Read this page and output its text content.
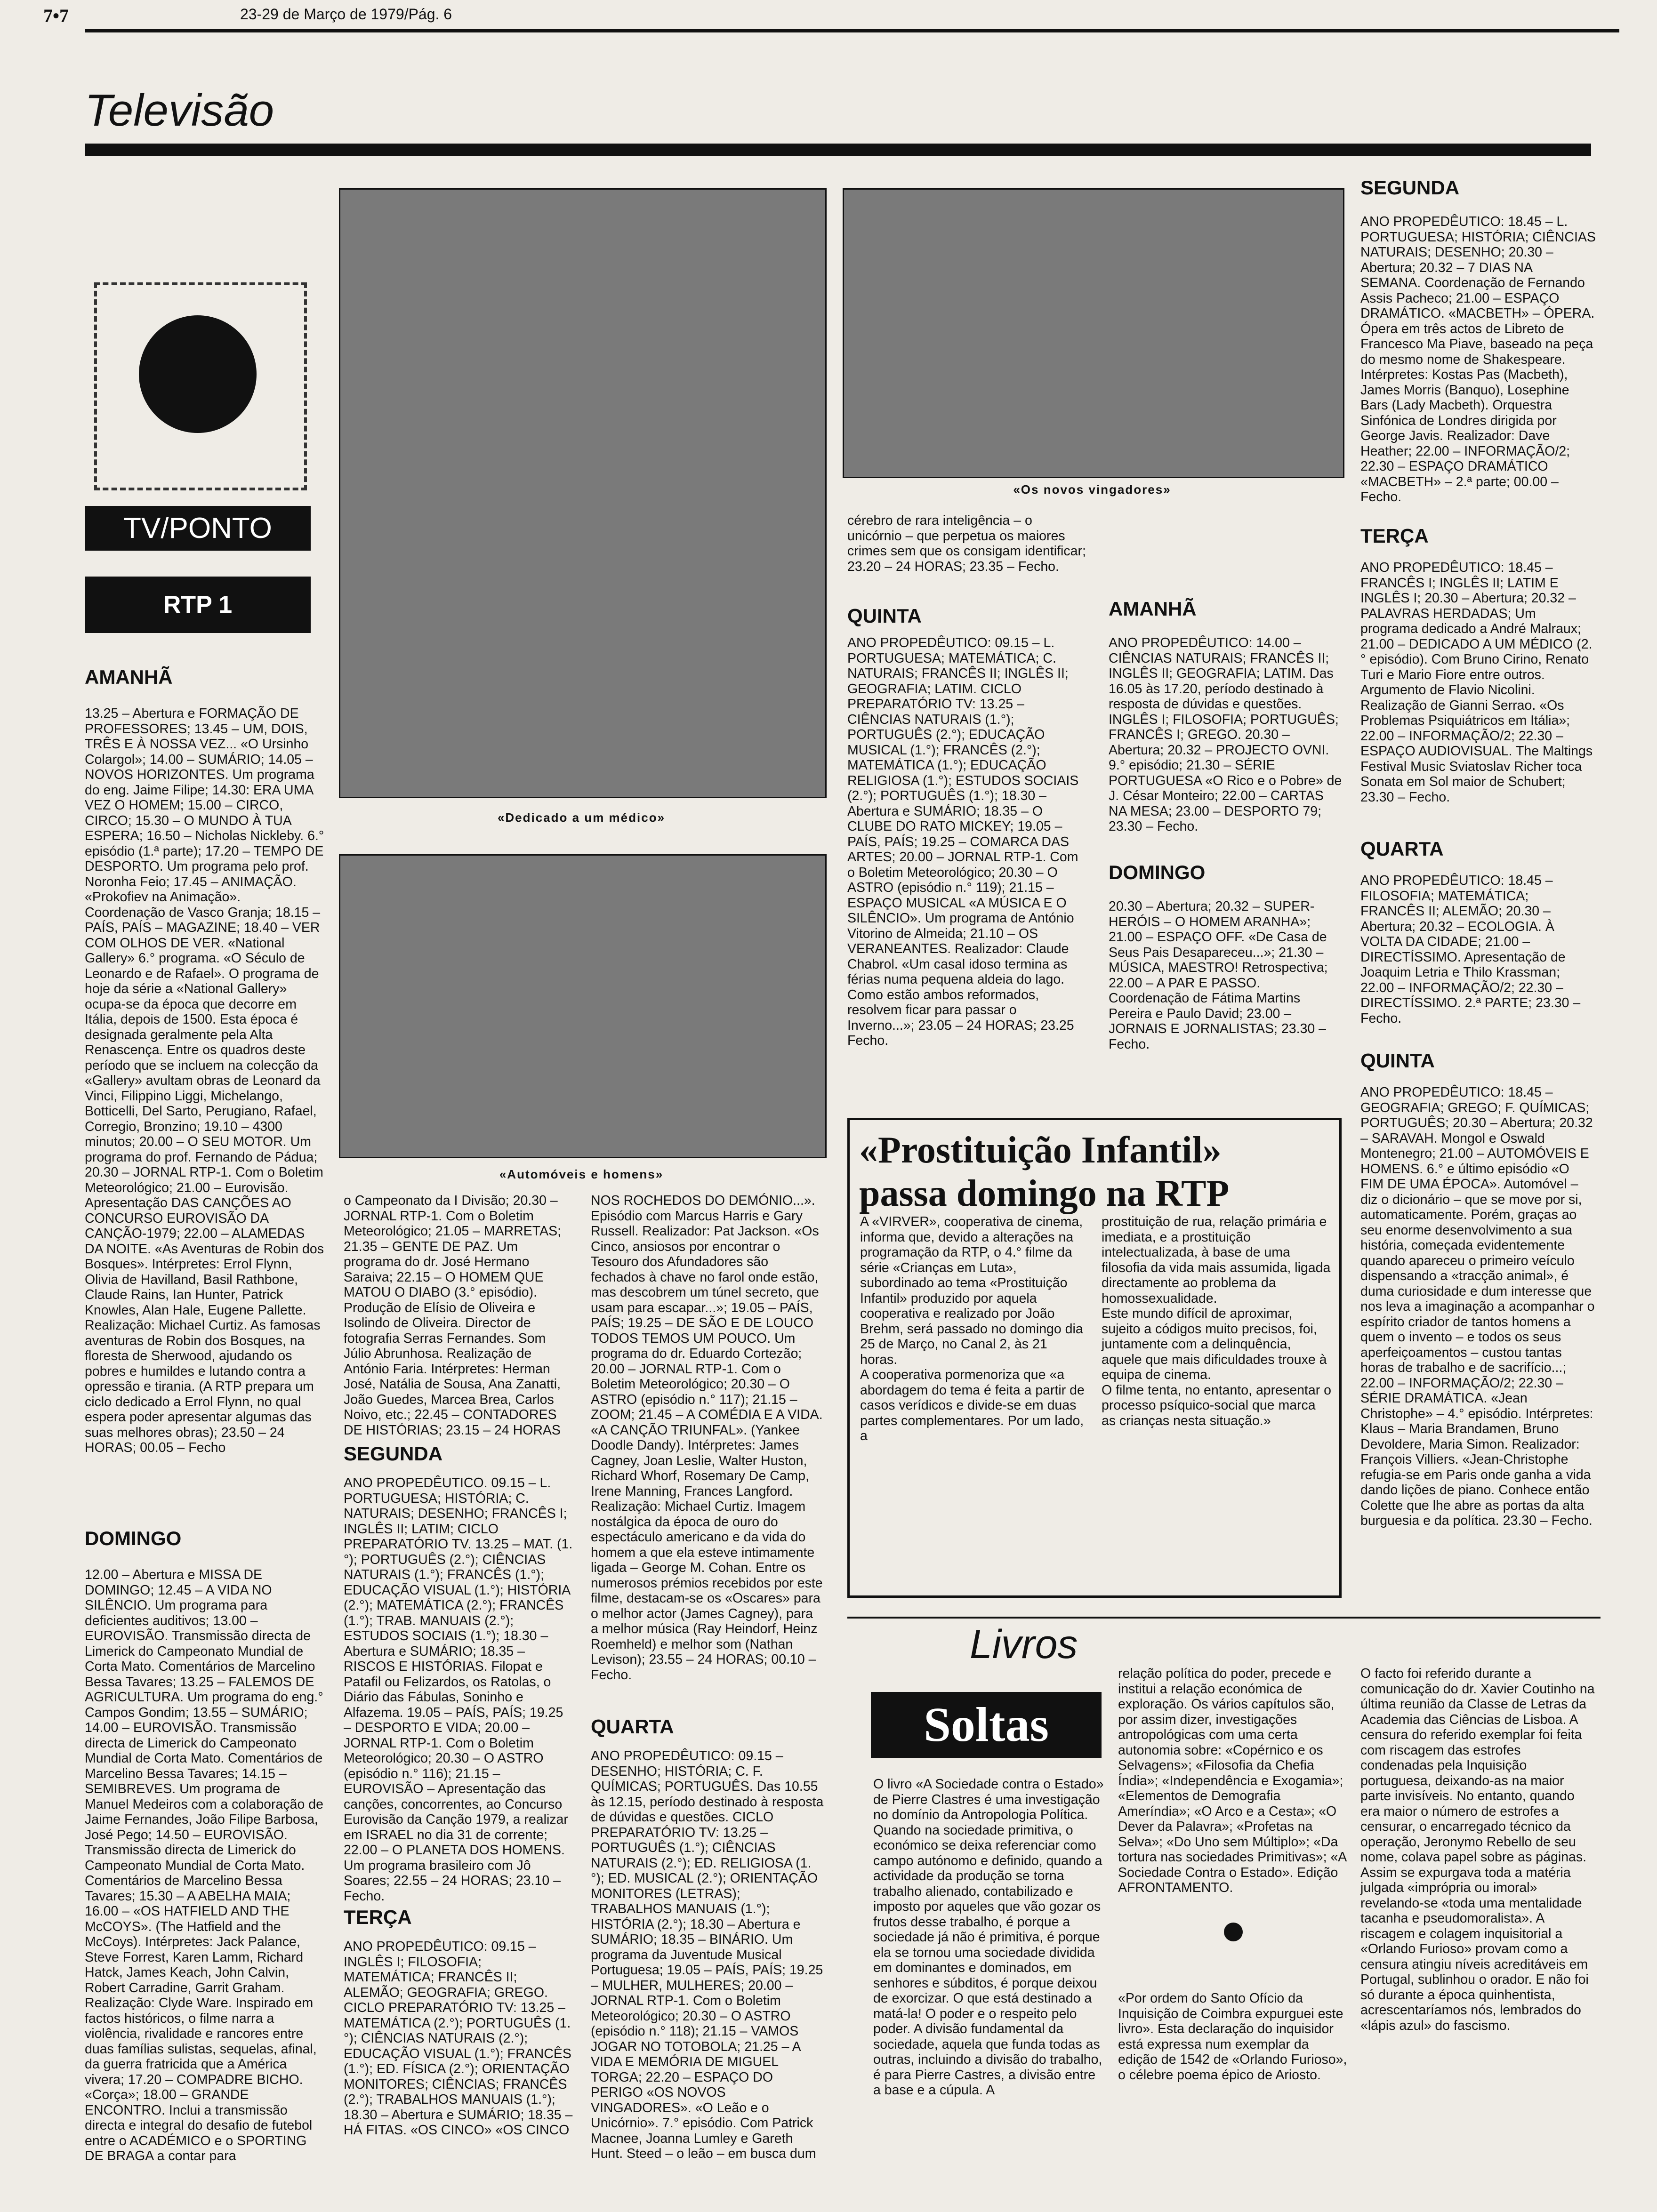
7•7	23-29 de Março de 1979/Pág. 6
Televisão
TV/PONTO
RTP 1
AMANHÃ

13.25 – Abertura e FORMAÇÃO DE PROFESSORES; 13.45 – UM, DOIS, TRÊS E À NOSSA VEZ... «O Ursinho Colargol»; 14.00 – SUMÁRIO; 14.05 – NOVOS HORIZONTES. Um programa do eng. Jaime Filipe; 14.30: ERA UMA VEZ O HOMEM; 15.00 – CIRCO, CIRCO; 15.30 – O MUNDO À TUA ESPERA; 16.50 – Nicholas Nickleby. 6.° episódio (1.ª parte); 17.20 – TEMPO DE DESPORTO. Um programa pelo prof. Noronha Feio; 17.45 – ANIMAÇÃO. «Prokofiev na Animação». Coordenação de Vasco Granja; 18.15 – PAÍS, PAÍS – MAGAZINE; 18.40 – VER COM OLHOS DE VER. «National Gallery» 6.° programa. «O Século de Leonardo e de Rafael». O programa de hoje da série a «National Gallery» ocupa-se da época que decorre em Itália, depois de 1500. Esta época é designada geralmente pela Alta Renascença. Entre os quadros deste período que se incluem na colecção da «Gallery» avultam obras de Leonard da Vinci, Filippino Liggi, Michelango, Botticelli, Del Sarto, Perugiano, Rafael, Corregio, Bronzino; 19.10 – 4300 minutos; 20.00 – O SEU MOTOR. Um programa do prof. Fernando de Pádua; 20.30 – JORNAL RTP-1. Com o Boletim Meteorológico; 21.00 – Eurovisão. Apresentação DAS CANÇÕES AO CONCURSO EUROVISÃO DA CANÇÃO-1979; 22.00 – ALAMEDAS DA NOITE. «As Aventuras de Robin dos Bosques». Intérpretes: Errol Flynn, Olivia de Havilland, Basil Rathbone, Claude Rains, Ian Hunter, Patrick Knowles, Alan Hale, Eugene Pallette. Realização: Michael Curtiz. As famosas aventuras de Robin dos Bosques, na floresta de Sherwood, ajudando os pobres e humildes e lutando contra a opressão e tirania. (A RTP prepara um ciclo dedicado a Errol Flynn, no qual espera poder apresentar algumas das suas melhores obras); 23.50 – 24 HORAS; 00.05 – Fecho

DOMINGO

12.00 – Abertura e MISSA DE DOMINGO; 12.45 – A VIDA NO SILÊNCIO. Um programa para deficientes auditivos; 13.00 – EUROVISÃO. Transmissão directa de Limerick do Campeonato Mundial de Corta Mato. Comentários de Marcelino Bessa Tavares; 13.25 – FALEMOS DE AGRICULTURA. Um programa do eng.° Campos Gondim; 13.55 – SUMÁRIO; 14.00 – EUROVISÃO. Transmissão directa de Limerick do Campeonato Mundial de Corta Mato. Comentários de Marcelino Bessa Tavares; 14.15 – SEMIBREVES. Um programa de Manuel Medeiros com a colaboração de Jaime Fernandes, João Filipe Barbosa, José Pego; 14.50 – EUROVISÃO. Transmissão directa de Limerick do Campeonato Mundial de Corta Mato. Comentários de Marcelino Bessa Tavares; 15.30 – A ABELHA MAIA; 16.00 – «OS HATFIELD AND THE McCOYS». (The Hatfield and the McCoys). Intérpretes: Jack Palance, Steve Forrest, Karen Lamm, Richard Hatck, James Keach, John Calvin, Robert Carradine, Garrit Graham. Realização: Clyde Ware. Inspirado em factos históricos, o filme narra a violência, rivalidade e rancores entre duas famílias sulistas, sequelas, afinal, da guerra fratricida que a América vivera; 17.20 – COMPADRE BICHO. «Corça»; 18.00 – GRANDE ENCONTRO. Inclui a transmissão directa e integral do desafio de futebol entre o ACADÉMICO e o SPORTING DE BRAGA a contar para

«Dedicado a um médico»
«Automóveis e homens»

o Campeonato da I Divisão; 20.30 – JORNAL RTP-1. Com o Boletim Meteorológico; 21.05 – MARRETAS; 21.35 – GENTE DE PAZ. Um programa do dr. José Hermano Saraiva; 22.15 – O HOMEM QUE MATOU O DIABO (3.° episódio). Produção de Elísio de Oliveira e Isolindo de Oliveira. Director de fotografia Serras Fernandes. Som Júlio Abrunhosa. Realização de António Faria. Intérpretes: Herman José, Natália de Sousa, Ana Zanatti, João Guedes, Marcea Brea, Carlos Noivo, etc.; 22.45 – CONTADORES DE HISTÓRIAS; 23.15 – 24 HORAS

SEGUNDA

ANO PROPEDÊUTICO. 09.15 – L. PORTUGUESA; HISTÓRIA; C. NATURAIS; DESENHO; FRANCÊS I; INGLÊS II; LATIM; CICLO PREPARATÓRIO TV. 13.25 – MAT. (1.°); PORTUGUÊS (2.°); CIÊNCIAS NATURAIS (1.°); FRANCÊS (1.°); EDUCAÇÃO VISUAL (1.°); HISTÓRIA (2.°); MATEMÁTICA (2.°); FRANCÊS (1.°); TRAB. MANUAIS (2.°); ESTUDOS SOCIAIS (1.°); 18.30 – Abertura e SUMÁRIO; 18.35 – RISCOS E HISTÓRIAS. Filopat e Patafil ou Felizardos, os Ratolas, o Diário das Fábulas, Soninho e Alfazema. 19.05 – PAÍS, PAÍS; 19.25 – DESPORTO E VIDA; 20.00 – JORNAL RTP-1. Com o Boletim Meteorológico; 20.30 – O ASTRO (episódio n.° 116); 21.15 – EUROVISÃO – Apresentação das canções, concorrentes, ao Concurso Eurovisão da Canção 1979, a realizar em ISRAEL no dia 31 de corrente; 22.00 – O PLANETA DOS HOMENS. Um programa brasileiro com Jô Soares; 22.55 – 24 HORAS; 23.10 – Fecho.

TERÇA

ANO PROPEDÊUTICO: 09.15 – INGLÊS I; FILOSOFIA; MATEMÁTICA; FRANCÊS II; ALEMÃO; GEOGRAFIA; GREGO. CICLO PREPARATÓRIO TV: 13.25 – MATEMÁTICA (2.°); PORTUGUÊS (1.°); CIÊNCIAS NATURAIS (2.°); EDUCAÇÃO VISUAL (1.°); FRANCÊS (1.°); ED. FÍSICA (2.°); ORIENTAÇÃO MONITORES; CIÊNCIAS; FRANCÊS (2.°); TRABALHOS MANUAIS (1.°); 18.30 – Abertura e SUMÁRIO; 18.35 – HÁ FITAS. «OS CINCO» «OS CINCO

NOS ROCHEDOS DO DEMÓNIO...». Episódio com Marcus Harris e Gary Russell. Realizador: Pat Jackson. «Os Cinco, ansiosos por encontrar o Tesouro dos Afundadores são fechados à chave no farol onde estão, mas descobrem um túnel secreto, que usam para escapar...»; 19.05 – PAÍS, PAÍS; 19.25 – DE SÃO E DE LOUCO TODOS TEMOS UM POUCO. Um programa do dr. Eduardo Cortezão; 20.00 – JORNAL RTP-1. Com o Boletim Meteorológico; 20.30 – O ASTRO (episódio n.° 117); 21.15 – ZOOM; 21.45 – A COMÉDIA E A VIDA. «A CANÇÃO TRIUNFAL». (Yankee Doodle Dandy). Intérpretes: James Cagney, Joan Leslie, Walter Huston, Richard Whorf, Rosemary De Camp, Irene Manning, Frances Langford. Realização: Michael Curtiz. Imagem nostálgica da época de ouro do espectáculo americano e da vida do homem a que ela esteve intimamente ligada – George M. Cohan. Entre os numerosos prémios recebidos por este filme, destacam-se os «Oscares» para o melhor actor (James Cagney), para a melhor música (Ray Heindorf, Heinz Roemheld) e melhor som (Nathan Levison); 23.55 – 24 HORAS; 00.10 – Fecho.

QUARTA

ANO PROPEDÊUTICO: 09.15 – DESENHO; HISTÓRIA; C. F. QUÍMICAS; PORTUGUÊS. Das 10.55 às 12.15, período destinado à resposta de dúvidas e questões. CICLO PREPARATÓRIO TV: 13.25 – PORTUGUÊS (1.°); CIÊNCIAS NATURAIS (2.°); ED. RELIGIOSA (1.°); ED. MUSICAL (2.°); ORIENTAÇÃO MONITORES (LETRAS); TRABALHOS MANUAIS (1.°); HISTÓRIA (2.°); 18.30 – Abertura e SUMÁRIO; 18.35 – BINÁRIO. Um programa da Juventude Musical Portuguesa; 19.05 – PAÍS, PAÍS; 19.25 – MULHER, MULHERES; 20.00 – JORNAL RTP-1. Com o Boletim Meteorológico; 20.30 – O ASTRO (episódio n.° 118); 21.15 – VAMOS JOGAR NO TOTOBOLA; 21.25 – A VIDA E MEMÓRIA DE MIGUEL TORGA; 22.20 – ESPAÇO DO PERIGO «OS NOVOS VINGADORES». «O Leão e o Unicórnio». 7.° episódio. Com Patrick Macnee, Joanna Lumley e Gareth Hunt. Steed – o leão – em busca dum

«Os novos vingadores»

cérebro de rara inteligência – o unicórnio – que perpetua os maiores crimes sem que os consigam identificar; 23.20 – 24 HORAS; 23.35 – Fecho.

QUINTA

ANO PROPEDÊUTICO: 09.15 – L. PORTUGUESA; MATEMÁTICA; C. NATURAIS; FRANCÊS II; INGLÊS II; GEOGRAFIA; LATIM. CICLO PREPARATÓRIO TV: 13.25 – CIÊNCIAS NATURAIS (1.°); PORTUGUÊS (2.°); EDUCAÇÃO MUSICAL (1.°); FRANCÊS (2.°); MATEMÁTICA (1.°); EDUCAÇÃO RELIGIOSA (1.°); ESTUDOS SOCIAIS (2.°); PORTUGUÊS (1.°); 18.30 – Abertura e SUMÁRIO; 18.35 – O CLUBE DO RATO MICKEY; 19.05 – PAÍS, PAÍS; 19.25 – COMARCA DAS ARTES; 20.00 – JORNAL RTP-1. Com o Boletim Meteorológico; 20.30 – O ASTRO (episódio n.° 119); 21.15 – ESPAÇO MUSICAL «A MÚSICA E O SILÊNCIO». Um programa de António Vitorino de Almeida; 21.10 – OS VERANEANTES. Realizador: Claude Chabrol. «Um casal idoso termina as férias numa pequena aldeia do lago. Como estão ambos reformados, resolvem ficar para passar o Inverno...»; 23.05 – 24 HORAS; 23.25 Fecho.

AMANHÃ

ANO PROPEDÊUTICO: 14.00 – CIÊNCIAS NATURAIS; FRANCÊS II; INGLÊS II; GEOGRAFIA; LATIM. Das 16.05 às 17.20, período destinado à resposta de dúvidas e questões. INGLÊS I; FILOSOFIA; PORTUGUÊS; FRANCÊS I; GREGO. 20.30 – Abertura; 20.32 – PROJECTO OVNI. 9.° episódio; 21.30 – SÉRIE PORTUGUESA «O Rico e o Pobre» de J. César Monteiro; 22.00 – CARTAS NA MESA; 23.00 – DESPORTO 79; 23.30 – Fecho.

DOMINGO

20.30 – Abertura; 20.32 – SUPER-HERÓIS – O HOMEM ARANHA»; 21.00 – ESPAÇO OFF. «De Casa de Seus Pais Desapareceu...»; 21.30 – MÚSICA, MAESTRO! Retrospectiva; 22.00 – A PAR E PASSO. Coordenação de Fátima Martins Pereira e Paulo David; 23.00 – JORNAIS E JORNALISTAS; 23.30 – Fecho.

«Prostituição Infantil»
passa domingo na RTP

A «VIRVER», cooperativa de cinema, informa que, devido a alterações na programação da RTP, o 4.° filme da série «Crianças em Luta», subordinado ao tema «Prostituição Infantil» produzido por aquela cooperativa e realizado por João Brehm, será passado no domingo dia 25 de Março, no Canal 2, às 21 horas.
A cooperativa pormenoriza que «a abordagem do tema é feita a partir de casos verídicos e divide-se em duas partes complementares. Por um lado, a

prostituição de rua, relação primária e imediata, e a prostituição intelectualizada, à base de uma filosofia da vida mais assumida, ligada directamente ao problema da homossexualidade.
Este mundo difícil de aproximar, sujeito a códigos muito precisos, foi, juntamente com a delinquência, aquele que mais dificuldades trouxe à equipa de cinema.
O filme tenta, no entanto, apresentar o processo psíquico-social que marca as crianças nesta situação.»

SEGUNDA

ANO PROPEDÊUTICO: 18.45 – L. PORTUGUESA; HISTÓRIA; CIÊNCIAS NATURAIS; DESENHO; 20.30 – Abertura; 20.32 – 7 DIAS NA SEMANA. Coordenação de Fernando Assis Pacheco; 21.00 – ESPAÇO DRAMÁTICO. «MACBETH» – ÓPERA. Ópera em três actos de Libreto de Francesco Ma Piave, baseado na peça do mesmo nome de Shakespeare. Intérpretes: Kostas Pas (Macbeth), James Morris (Banquo), Losephine Bars (Lady Macbeth). Orquestra Sinfónica de Londres dirigida por George Javis. Realizador: Dave Heather; 22.00 – INFORMAÇÃO/2; 22.30 – ESPAÇO DRAMÁTICO «MACBETH» – 2.ª parte; 00.00 – Fecho.

TERÇA

ANO PROPEDÊUTICO: 18.45 – FRANCÊS I; INGLÊS II; LATIM E INGLÊS I; 20.30 – Abertura; 20.32 – PALAVRAS HERDADAS; Um programa dedicado a André Malraux; 21.00 – DEDICADO A UM MÉDICO (2.° episódio). Com Bruno Cirino, Renato Turi e Mario Fiore entre outros. Argumento de Flavio Nicolini. Realização de Gianni Serrao. «Os Problemas Psiquiátricos em Itália»; 22.00 – INFORMAÇÃO/2; 22.30 – ESPAÇO AUDIOVISUAL. The Maltings Festival Music Sviatoslav Richer toca Sonata em Sol maior de Schubert; 23.30 – Fecho.

QUARTA

ANO PROPEDÊUTICO: 18.45 – FILOSOFIA; MATEMÁTICA; FRANCÊS II; ALEMÃO; 20.30 – Abertura; 20.32 – ECOLOGIA. À VOLTA DA CIDADE; 21.00 – DIRECTÍSSIMO. Apresentação de Joaquim Letria e Thilo Krassman; 22.00 – INFORMAÇÃO/2; 22.30 – DIRECTÍSSIMO. 2.ª PARTE; 23.30 – Fecho.

QUINTA

ANO PROPEDÊUTICO: 18.45 – GEOGRAFIA; GREGO; F. QUÍMICAS; PORTUGUÊS; 20.30 – Abertura; 20.32 – SARAVAH. Mongol e Oswald Montenegro; 21.00 – AUTOMÓVEIS E HOMENS. 6.° e último episódio «O FIM DE UMA ÉPOCA». Automóvel – diz o dicionário – que se move por si, automaticamente. Porém, graças ao seu enorme desenvolvimento a sua história, começada evidentemente quando apareceu o primeiro veículo dispensando a «tracção animal», é duma curiosidade e dum interesse que nos leva a imaginação a acompanhar o espírito criador de tantos homens a quem o invento – e todos os seus aperfeiçoamentos – custou tantas horas de trabalho e de sacrifício...; 22.00 – INFORMAÇÃO/2; 22.30 – SÉRIE DRAMÁTICA. «Jean Christophe» – 4.° episódio. Intérpretes: Klaus – Maria Brandamen, Bruno Devoldere, Maria Simon. Realizador: François Villiers. «Jean-Christophe refugia-se em Paris onde ganha a vida dando lições de piano. Conhece então Colette que lhe abre as portas da alta burguesia e da política. 23.30 – Fecho.

Livros
Soltas

O livro «A Sociedade contra o Estado» de Pierre Clastres é uma investigação no domínio da Antropologia Política. Quando na sociedade primitiva, o económico se deixa referenciar como campo autónomo e definido, quando a actividade da produção se torna trabalho alienado, contabilizado e imposto por aqueles que vão gozar os frutos desse trabalho, é porque a sociedade já não é primitiva, é porque ela se tornou uma sociedade dividida em dominantes e dominados, em senhores e súbditos, é porque deixou de exorcizar. O que está destinado a matá-la! O poder e o respeito pelo poder. A divisão fundamental da sociedade, aquela que funda todas as outras, incluindo a divisão do trabalho, é para Pierre Castres, a divisão entre a base e a cúpula. A

relação política do poder, precede e institui a relação económica de exploração. Os vários capítulos são, por assim dizer, investigações antropológicas com uma certa autonomia sobre: «Copérnico e os Selvagens»; «Filosofia da Chefia Índia»; «Independência e Exogamia»; «Elementos de Demografia Ameríndia»; «O Arco e a Cesta»; «O Dever da Palavra»; «Profetas na Selva»; «Do Uno sem Múltiplo»; «Da tortura nas sociedades Primitivas»; «A Sociedade Contra o Estado». Edição AFRONTAMENTO.

«Por ordem do Santo Ofício da Inquisição de Coimbra expurguei este livro». Esta declaração do inquisidor está expressa num exemplar da edição de 1542 de «Orlando Furioso», o célebre poema épico de Ariosto.

O facto foi referido durante a comunicação do dr. Xavier Coutinho na última reunião da Classe de Letras da Academia das Ciências de Lisboa. A censura do referido exemplar foi feita com riscagem das estrofes condenadas pela Inquisição portuguesa, deixando-as na maior parte invisíveis. No entanto, quando era maior o número de estrofes a censurar, o encarregado técnico da operação, Jeronymo Rebello de seu nome, colava papel sobre as páginas. Assim se expurgava toda a matéria julgada «imprópria ou imoral» revelando-se «toda uma mentalidade tacanha e pseudomoralista». A riscagem e colagem inquisitorial a «Orlando Furioso» provam como a censura atingiu níveis acreditáveis em Portugal, sublinhou o orador. E não foi só durante a época quinhentista, acrescentaríamos nós, lembrados do «lápis azul» do fascismo.
